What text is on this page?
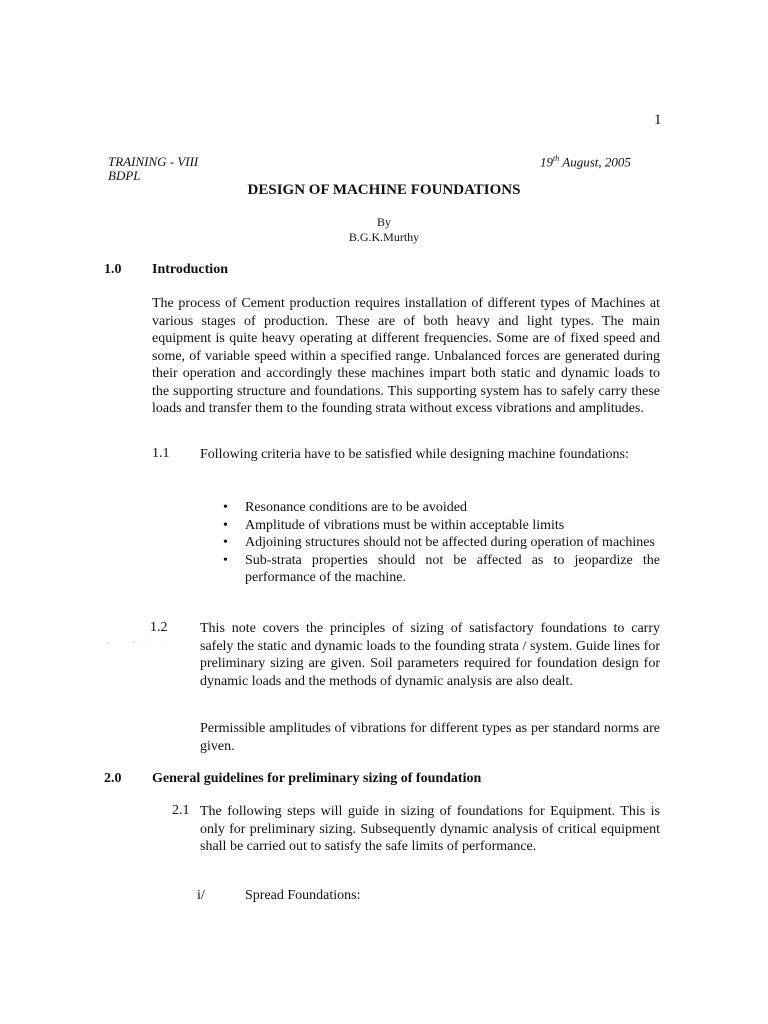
1
TRAINING - VIII
BDPL
19th August, 2005
DESIGN OF MACHINE FOUNDATIONS
By
B.G.K.Murthy
1.0 Introduction
The process of Cement production requires installation of different types of Machines at various stages of production. These are of both heavy and light types. The main equipment is quite heavy operating at different frequencies. Some are of fixed speed and some, of variable speed within a specified range. Unbalanced forces are generated during their operation and accordingly these machines impart both static and dynamic loads to the supporting structure and foundations. This supporting system has to safely carry these loads and transfer them to the founding strata without excess vibrations and amplitudes.
1.1 Following criteria have to be satisfied while designing machine foundations:
• Resonance conditions are to be avoided
• Amplitude of vibrations must be within acceptable limits
• Adjoining structures should not be affected during operation of machines
• Sub-strata properties should not be affected as to jeopardize the performance of the machine.
1.2 This note covers the principles of sizing of satisfactory foundations to carry safely the static and dynamic loads to the founding strata / system. Guide lines for preliminary sizing are given. Soil parameters required for foundation design for dynamic loads and the methods of dynamic analysis are also dealt.
Permissible amplitudes of vibrations for different types as per standard norms are given.
2.0 General guidelines for preliminary sizing of foundation
2.1 The following steps will guide in sizing of foundations for Equipment. This is only for preliminary sizing. Subsequently dynamic analysis of critical equipment shall be carried out to satisfy the safe limits of performance.
i/	Spread Foundations:
